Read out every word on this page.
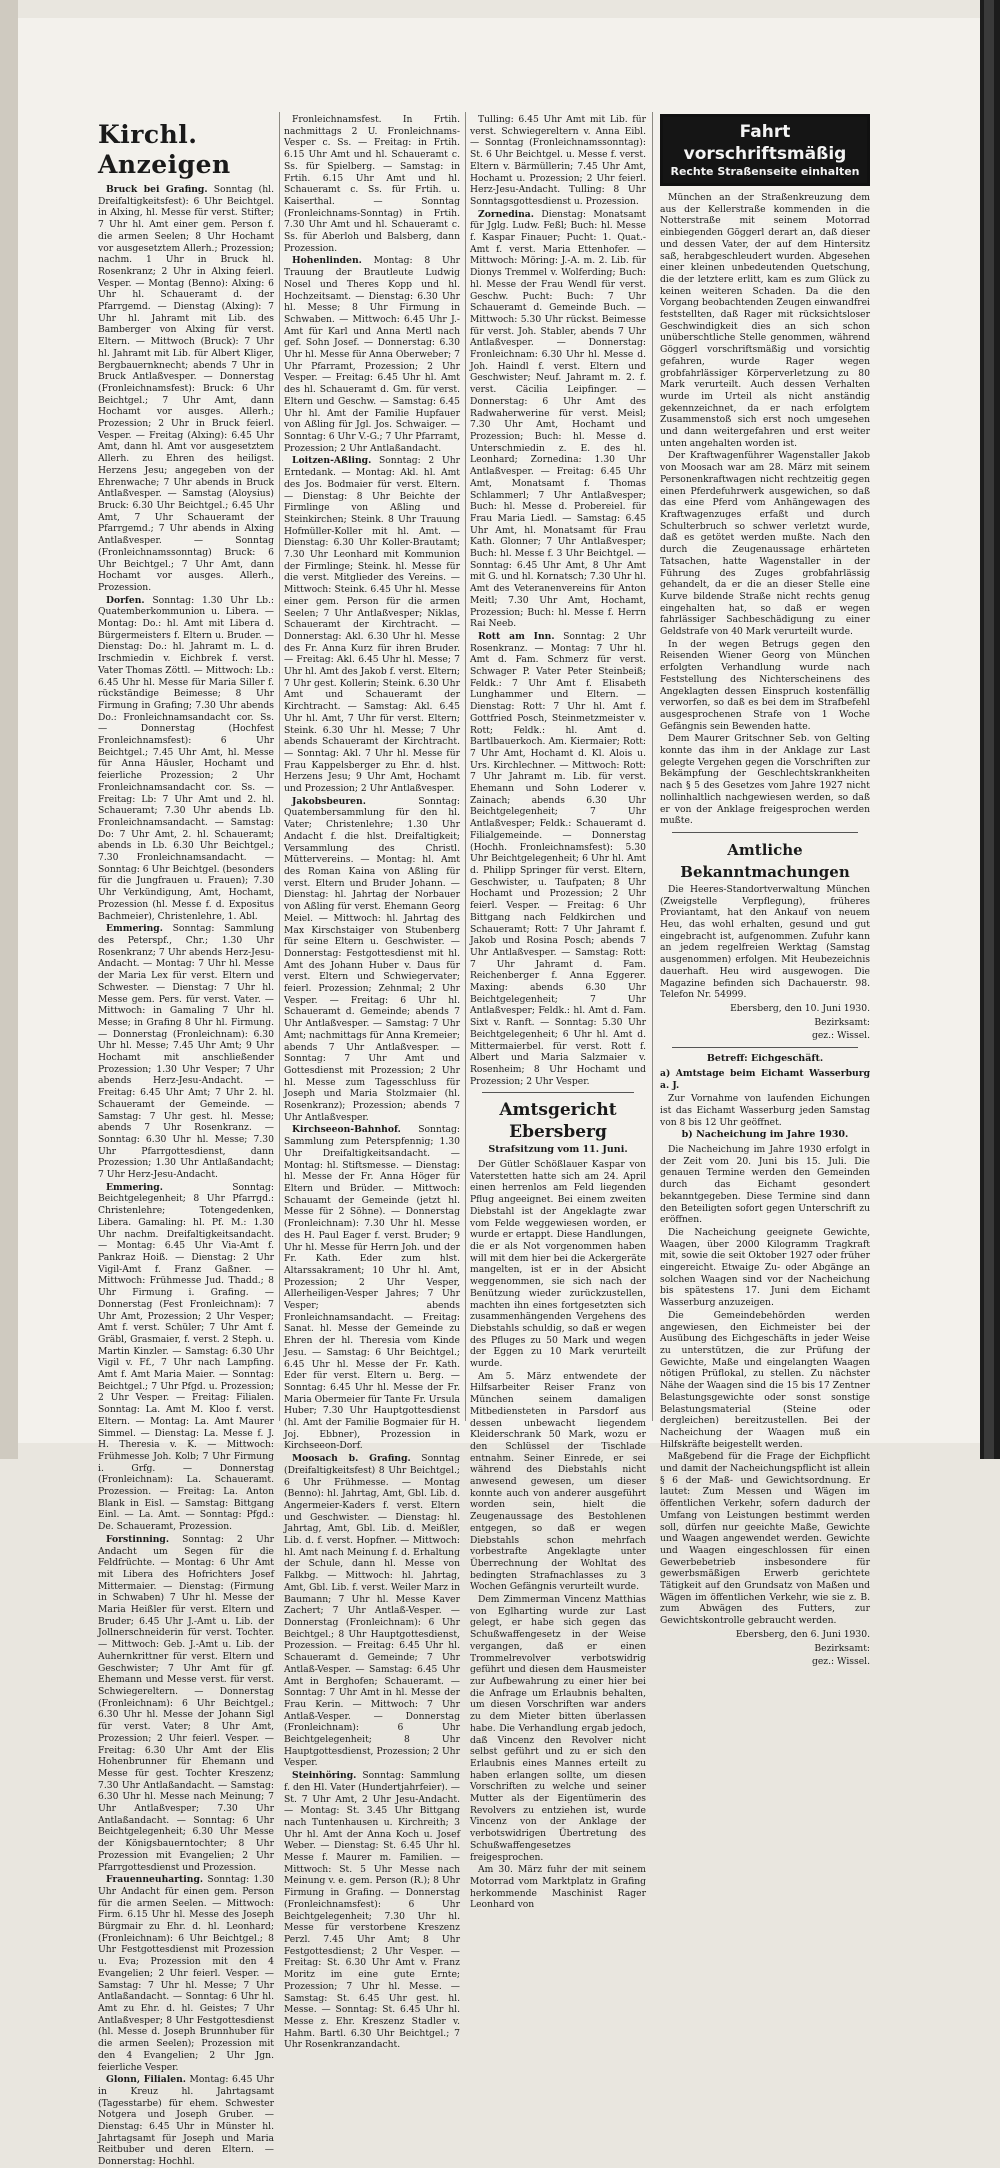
Kirchl. Anzeigen

Bruck bei Grafing. Sonntag (hl. Dreifaltigkeitsfest): 6 Uhr Beichtgel. in Alxing, hl. Messe für verst. Stifter; 7 Uhr hl. Amt einer gem. Person f. die armen Seelen; 8 Uhr Hochamt vor ausgesetztem Allerh.; Prozession; nachm. 1 Uhr in Bruck hl. Rosenkranz; 2 Uhr in Alxing feierl. Vesper. — Montag (Benno): Alxing: 6 Uhr hl. Schaueramt d. der Pfarrgemd. — Dienstag (Alxing): 7 Uhr hl. Jahramt mit Lib. des Bamberger von Alxing für verst. Eltern. — Mittwoch (Bruck): 7 Uhr hl. Jahramt mit Lib. für Albert Kliger, Bergbauernknecht; abends 7 Uhr in Bruck Antlaßvesper. — Donnerstag (Fronleichnamsfest): Bruck: 6 Uhr Beichtgel.; 7 Uhr Amt, dann Hochamt vor ausges. Allerh.; Prozession; 2 Uhr in Bruck feierl. Vesper. — Freitag (Alxing): 6.45 Uhr Amt, dann hl. Amt vor ausgesetztem Allerh. zu Ehren des heiligst. Herzens Jesu; angegeben von der Ehrenwache; 7 Uhr abends in Bruck Antlaßvesper. — Samstag (Aloysius) Bruck: 6.30 Uhr Beichtgel.; 6.45 Uhr Amt, 7 Uhr Schaueramt der Pfarrgemd.; 7 Uhr abends in Alxing Antlaßvesper. — Sonntag (Fronleichnamssonntag) Bruck: 6 Uhr Beichtgel.; 7 Uhr Amt, dann Hochamt vor ausges. Allerh., Prozession.

Dorfen. Sonntag: 1.30 Uhr Lb.: Quatemberkommunion u. Libera. — Montag: Do.: hl. Amt mit Libera d. Bürgermeisters f. Eltern u. Bruder. — Dienstag: Do.: hl. Jahramt m. L. d. Irschmiedin v. Eichbrek f. verst. Vater Thomas Zöttl. — Mittwoch: Lb.: 6.45 Uhr hl. Messe für Maria Siller f. rückständige Beimesse; 8 Uhr Firmung in Grafing; 7.30 Uhr abends Do.: Fronleichnamsandacht cor. Ss. — Donnerstag (Hochfest Fronleichnamsfest): 6 Uhr Beichtgel.; 7.45 Uhr Amt, hl. Messe für Anna Häusler, Hochamt und feierliche Prozession; 2 Uhr Fronleichnamsandacht cor. Ss. — Freitag: Lb: 7 Uhr Amt und 2. hl. Schaueramt; 7.30 Uhr abends Lb. Fronleichnamsandacht. — Samstag: Do: 7 Uhr Amt, 2. hl. Schaueramt; abends in Lb. 6.30 Uhr Beichtgel.; 7.30 Fronleichnamsandacht. — Sonntag: 6 Uhr Beichtgel. (besonders für die Jungfrauen u. Frauen); 7.30 Uhr Verkündigung, Amt, Hochamt, Prozession (hl. Messe f. d. Expositus Bachmeier), Christenlehre, 1. Abl.

Emmering. Sonntag: Sammlung des Peterspf., Chr.; 1.30 Uhr Rosenkranz; 7 Uhr abends Herz-Jesu-Andacht. — Montag: 7 Uhr hl. Messe der Maria Lex für verst. Eltern und Schwester. — Dienstag: 7 Uhr hl. Messe gem. Pers. für verst. Vater. — Mittwoch: in Gamaling 7 Uhr hl. Messe; in Grafing 8 Uhr hl. Firmung. — Donnerstag (Fronleichnam): 6.30 Uhr hl. Messe; 7.45 Uhr Amt; 9 Uhr Hochamt mit anschließender Prozession; 1.30 Uhr Vesper; 7 Uhr abends Herz-Jesu-Andacht. — Freitag: 6.45 Uhr Amt; 7 Uhr 2. hl. Schaueramt der Gemeinde. — Samstag: 7 Uhr gest. hl. Messe; abends 7 Uhr Rosenkranz. — Sonntag: 6.30 Uhr hl. Messe; 7.30 Uhr Pfarrgottesdienst, dann Prozession; 1.30 Uhr Antlaßandacht; 7 Uhr Herz-Jesu-Andacht.

Emmering.	Sonntag: Beichtgelegenheit; 8 Uhr Pfarrgd.: Christenlehre; Totengedenken, Libera. Gamaling: hl. Pf. M.: 1.30 Uhr nachm. Dreifaltigkeitsandacht. — Montag: 6.45 Uhr Via-Amt f. Pankraz Hoiß. — Dienstag: 2 Uhr Vigil-Amt f. Franz Gaßner. — Mittwoch: Frühmesse Jud. Thadd.; 8 Uhr Firmung i. Grafing. — Donnerstag (Fest Fronleichnam): 7 Uhr Amt, Prozession; 2 Uhr Vesper; Amt f. verst. Schüler; 7 Uhr Amt f. Gräbl, Grasmaier, f. verst. 2 Steph. u. Martin Kinzler. — Samstag: 6.30 Uhr Vigil v. Ff., 7 Uhr nach Lampfing. Amt f. Amt Maria Maier. — Sonntag: Beichtgel.; 7 Uhr Pfgd. u. Prozession; 2 Uhr Vesper. — Freitag: Filialen. Sonntag: La. Amt M. Kloo f. verst. Eltern. — Montag: La. Amt Maurer Simmel. — Dienstag: La. Messe f. J. H. Theresia v. K. — Mittwoch: Frühmesse Joh. Kolb; 7 Uhr Firmung i. Grfg. — Donnerstag (Fronleichnam): La. Schaueramt. Prozession. — Freitag: La. Anton Blank in Eisl. — Samstag: Bittgang Einl. — La. Amt. — Sonntag: Pfgd.: De. Schaueramt, Prozession.

Forstinning. Sonntag: 2 Uhr Andacht um Segen für die Feldfrüchte. — Montag: 6 Uhr Amt mit Libera des Hofrichters Josef Mittermaier. — Dienstag: (Firmung in Schwaben) 7 Uhr hl. Messe der Maria Heißler für verst. Eltern und Bruder; 6.45 Uhr J.-Amt u. Lib. der Jollnerschneiderin für verst. Tochter. — Mittwoch: Geb. J.-Amt u. Lib. der Auhernkrittner für verst. Eltern und Geschwister; 7 Uhr Amt für gf. Ehemann und Messe verst. für verst. Schwiegereltern. — Donnerstag (Fronleichnam): 6 Uhr Beichtgel.; 6.30 Uhr hl. Messe der Johann Sigl für verst. Vater; 8 Uhr Amt, Prozession; 2 Uhr feierl. Vesper. — Freitag: 6.30 Uhr Amt der Elis Hohenbrunner für Ehemann und Messe für gest. Tochter Kreszenz; 7.30 Uhr Antlaßandacht. — Samstag: 6.30 Uhr hl. Messe nach Meinung; 7 Uhr Antlaßvesper; 7.30 Uhr Antlaßandacht. — Sonntag: 6 Uhr Beichtgelegenheit; 6.30 Uhr Messe der Königsbauerntochter; 8 Uhr Prozession mit Evangelien; 2 Uhr Pfarrgottesdienst und Prozession.

Frauenneuharting. Sonntag: 1.30 Uhr Andacht für einen gem. Person für die armen Seelen. — Mittwoch: Firm. 6.15 Uhr hl. Messe des Joseph Bürgmair zu Ehr. d. hl. Leonhard; (Fronleichnam): 6 Uhr Beichtgel.; 8 Uhr Festgottesdienst mit Prozession u. Eva; Prozession mit den 4 Evangelien; 2 Uhr feierl. Vesper. — Samstag: 7 Uhr hl. Messe; 7 Uhr Antlaßandacht. — Sonntag: 6 Uhr hl. Amt zu Ehr. d. hl. Geistes; 7 Uhr Antlaßvesper; 8 Uhr Festgottesdienst (hl. Messe d. Joseph Brunnhuber für die armen Seelen); Prozession mit den 4 Evangelien; 2 Uhr Jgn. feierliche Vesper.

Glonn, Filialen. Montag: 6.45 Uhr in Kreuz hl. Jahrtagsamt (Tagesstarbe) für ehem. Schwester Notgera und Joseph Gruber. — Dienstag: 6.45 Uhr in Münster hl. Jahrtagsamt für Joseph und Maria Reitbuber und deren Eltern. — Donnerstag: Hochhl.

Fronleichnamsfest. In Frtih. nachmittags 2 U. Fronleichnams-Vesper c. Ss. — Freitag: in Frtih. 6.15 Uhr Amt und hl. Schaueramt c. Ss. für Spielberg. — Samstag: in Frtih. 6.15 Uhr Amt und hl. Schaueramt c. Ss. für Frtih. u. Kaiserthal. — Sonntag (Fronleichnams-Sonntag) in Frtih. 7.30 Uhr Amt und hl. Schaueramt c. Ss. für Aberloh und Balsberg, dann Prozession.

Hohenlinden. Montag: 8 Uhr Trauung der Brautleute Ludwig Nosel und Theres Kopp und hl. Hochzeitsamt. — Dienstag: 6.30 Uhr hl. Messe; 8 Uhr Firmung in Schwaben. — Mittwoch: 6.45 Uhr J.-Amt für Karl und Anna Mertl nach gef. Sohn Josef. — Donnerstag: 6.30 Uhr hl. Messe für Anna Oberweber; 7 Uhr Pfarramt, Prozession; 2 Uhr Vesper. — Freitag: 6.45 Uhr hl. Amt des hl. Schaueramt d. Gm. für verst. Eltern und Geschw. — Samstag: 6.45 Uhr hl. Amt der Familie Hupfauer von Aßling für Jgl. Jos. Schwaiger. — Sonntag: 6 Uhr V.-G.; 7 Uhr Pfarramt, Prozession; 2 Uhr Antlaßandacht.

Loitzen-Aßling. Sonntag: 2 Uhr Erntedank. — Montag: Akl. hl. Amt des Jos. Bodmaier für verst. Eltern. — Dienstag: 8 Uhr Beichte der Firmlinge von Aßling und Steinkirchen; Steink. 8 Uhr Trauung Hofmüller-Koller mit hl. Amt. — Dienstag: 6.30 Uhr Koller-Brautamt; 7.30 Uhr Leonhard mit Kommunion der Firmlinge; Steink. hl. Messe für die verst. Mitglieder des Vereins. — Mittwoch: Steink. 6.45 Uhr hl. Messe einer gem. Person für die armen Seelen; 7 Uhr Antlaßvesper; Niklas, Schaueramt der Kirchtracht. — Donnerstag: Akl. 6.30 Uhr hl. Messe des Fr. Anna Kurz für ihren Bruder. — Freitag: Akl. 6.45 Uhr hl. Messe; 7 Uhr hl. Amt des Jakob f. verst. Eltern; 7 Uhr gest. Kollerin; Steink. 6.30 Uhr Amt und Schaueramt der Kirchtracht. — Samstag: Akl. 6.45 Uhr hl. Amt, 7 Uhr für verst. Eltern; Steink. 6.30 Uhr hl. Messe; 7 Uhr abends Schaueramt der Kirchtracht. — Sonntag: Akl. 7 Uhr hl. Messe für Frau Kappelsberger zu Ehr. d. hlst. Herzens Jesu; 9 Uhr Amt, Hochamt und Prozession; 2 Uhr Antlaßvesper.

Jakobsbeuren.	Sonntag: Quatembersammlung für den hl. Vater; Christenlehre; 1.30 Uhr Andacht f. die hlst. Dreifaltigkeit; Versammlung des Christl. Müttervereins. — Montag: hl. Amt des Roman Kaina von Aßling für verst. Eltern und Bruder Johann. — Dienstag: hl. Jahrtag der Norbauer von Aßling für verst. Ehemann Georg Meiel. — Mittwoch: hl. Jahrtag des Max Kirschstaiger von Stubenberg für seine Eltern u. Geschwister. — Donnerstag: Festgottesdienst mit hl. Amt des Johann Huber v. Daus für verst. Eltern und Schwiegervater; feierl. Prozession; Zehnmal; 2 Uhr Vesper. — Freitag: 6 Uhr hl. Schaueramt d. Gemeinde; abends 7 Uhr Antlaßvesper. — Samstag: 7 Uhr Amt; nachmittags für Anna Kremeier; abends 7 Uhr Antlaßvesper. — Sonntag: 7 Uhr Amt und Gottesdienst mit Prozession; 2 Uhr hl. Messe zum Tagesschluss für Joseph und Maria Stolzmaier (hl. Rosenkranz); Prozession; abends 7 Uhr Antlaßvesper.

Kirchseeon-Bahnhof. Sonntag: Sammlung zum Peterspfennig; 1.30 Uhr Dreifaltigkeitsandacht. — Montag: hl. Stiftsmesse. — Dienstag: hl. Messe der Fr. Anna Höger für Eltern und Brüder. — Mittwoch: Schauamt der Gemeinde (jetzt hl. Messe für 2 Söhne). — Donnerstag (Fronleichnam): 7.30 Uhr hl. Messe des H. Paul Eager f. verst. Bruder; 9 Uhr hl. Messe für Herrn Joh. und der Fr. Kath. Eder zum hlst. Altarssakrament; 10 Uhr hl. Amt, Prozession; 2 Uhr Vesper, Allerheiligen-Vesper Jahres; 7 Uhr Vesper; abends Fronleichnamsandacht. — Freitag: Sanat. hl. Messe der Gemeinde zu Ehren der hl. Theresia vom Kinde Jesu. — Samstag: 6 Uhr Beichtgel.; 6.45 Uhr hl. Messe der Fr. Kath. Eder für verst. Eltern u. Berg. — Sonntag: 6.45 Uhr hl. Messe der Fr. Maria Obermeier für Tante Fr. Ursula Huber; 7.30 Uhr Hauptgottesdienst (hl. Amt der Familie Bogmaier für H. Joj. Ebbner), Prozession in Kirchseeon-Dorf.

Moosach b. Grafing. Sonntag (Dreifaltigkeitsfest) 8 Uhr Beichtgel.; 6 Uhr Frühmesse. — Montag (Benno): hl. Jahrtag, Amt, Gbl. Lib. d. Angermeier-Kaders f. verst. Eltern und Geschwister. — Dienstag: hl. Jahrtag, Amt, Gbl. Lib. d. Meißler, Lib. d. f. verst. Hopfner. — Mittwoch: hl. Amt nach Meinung f. d. Erhaltung der Schule, dann hl. Messe von Falkbg. — Mittwoch: hl. Jahrtag, Amt, Gbl. Lib. f. verst. Weiler Marz in Baumann; 7 Uhr hl. Messe Kaver Zachert; 7 Uhr Antlaß-Vesper. — Donnerstag (Fronleichnam): 6 Uhr Beichtgel.; 8 Uhr Hauptgottesdienst, Prozession. — Freitag: 6.45 Uhr hl. Schaueramt d. Gemeinde; 7 Uhr Antlaß-Vesper. — Samstag: 6.45 Uhr Amt in Berghofen; Schaueramt. — Sonntag: 7 Uhr Amt in hl. Messe der Frau Kerin. — Mittwoch: 7 Uhr Antlaß-Vesper. — Donnerstag (Fronleichnam): 6 Uhr Beichtgelegenheit; 8 Uhr Hauptgottesdienst, Prozession; 2 Uhr Vesper.

Steinhöring. Sonntag: Sammlung f. den Hl. Vater (Hundertjahrfeier). — St. 7 Uhr Amt, 2 Uhr Jesu-Andacht. — Montag: St. 3.45 Uhr Bittgang nach Tuntenhausen u. Kirchreith; 3 Uhr hl. Amt der Anna Koch u. Josef Weber. — Dienstag: St. 6.45 Uhr hl. Messe f. Maurer m. Familien. — Mittwoch: St. 5 Uhr Messe nach Meinung v. e. gem. Person (R.); 8 Uhr Firmung in Grafing. — Donnerstag (Fronleichnamsfest): 6 Uhr Beichtgelegenheit; 7.30 Uhr hl. Messe für verstorbene Kreszenz Perzl. 7.45 Uhr Amt; 8 Uhr Festgottesdienst; 2 Uhr Vesper. — Freitag: St. 6.30 Uhr Amt v. Franz Moritz im eine gute Ernte; Prozession; 7 Uhr hl. Messe. — Samstag: St. 6.45 Uhr gest. hl. Messe. — Sonntag: St. 6.45 Uhr hl. Messe z. Ehr. Kreszenz Stadler v. Hahm. Bartl. 6.30 Uhr Beichtgel.; 7 Uhr Rosenkranzandacht.

Tulling: 6.45 Uhr Amt mit Lib. für verst. Schwiegereltern v. Anna Eibl. — Sonntag (Fronleichnamssonntag): St. 6 Uhr Beichtgel. u. Messe f. verst. Eltern v. Bärmüllerin; 7.45 Uhr Amt, Hochamt u. Prozession; 2 Uhr feierl. Herz-Jesu-Andacht. Tulling: 8 Uhr Sonntagsgottesdienst u. Prozession.

Zornedina. Dienstag: Monatsamt für Jglg. Ludw. Feßl; Buch: hl. Messe f. Kaspar Finauer; Pucht: 1. Quat.-Amt f. verst. Maria Ettenhofer. — Mittwoch: Möring: J.-A. m. 2. Lib. für Dionys Tremmel v. Wolferding; Buch: hl. Messe der Frau Wendl für verst. Geschw. Pucht: Buch: 7 Uhr Schaueramt d. Gemeinde Buch. — Mittwoch: 5.30 Uhr rückst. Beimesse für verst. Joh. Stabler, abends 7 Uhr Antlaßvesper. — Donnerstag: Fronleichnam: 6.30 Uhr hl. Messe d. Joh. Haindl f. verst. Eltern und Geschwister; Neuf. Jahramt m. 2. f. verst. Cäcilia Leipfinger. — Donnerstag: 6 Uhr Amt des Radwaherwerine für verst. Meisl; 7.30 Uhr Amt, Hochamt und Prozession; Buch: hl. Messe d. Unterschmiedin z. E. des hl. Leonhard; Zornedina: 1.30 Uhr Antlaßvesper. — Freitag: 6.45 Uhr Amt, Monatsamt f. Thomas Schlammerl; 7 Uhr Antlaßvesper; Buch: hl. Messe d. Probereiel. für Frau Maria Liedl. — Samstag: 6.45 Uhr Amt, hl. Monatsamt für Frau Kath. Glonner; 7 Uhr Antlaßvesper; Buch: hl. Messe f. 3 Uhr Beichtgel. — Sonntag: 6.45 Uhr Amt, 8 Uhr Amt mit G. und hl. Kornatsch; 7.30 Uhr hl. Amt des Veteranenvereins für Anton Meitl; 7.30 Uhr Amt, Hochamt, Prozession; Buch: hl. Messe f. Herrn Rai Neeb.

Rott am Inn. Sonntag: 2 Uhr Rosenkranz. — Montag: 7 Uhr hl. Amt d. Fam. Schmerz für verst. Schwager P. Vater Peter Steinbeiß; Feldk.: 7 Uhr Amt f. Elisabeth Lunghammer und Eltern. — Dienstag: Rott: 7 Uhr hl. Amt f. Gottfried Posch, Steinmetzmeister v. Rott; Feldk.: hl. Amt d. Bartlbauerkoch. Am. Kiermaier; Rott: 7 Uhr Amt, Hochamt d. Kl. Alois u. Urs. Kirchlechner. — Mittwoch: Rott: 7 Uhr Jahramt m. Lib. für verst. Ehemann und Sohn Loderer v. Zainach; abends 6.30 Uhr Beichtgelegenheit; 7 Uhr Antlaßvesper; Feldk.: Schaueramt d. Filialgemeinde. — Donnerstag (Hochh. Fronleichnamsfest): 5.30 Uhr Beichtgelegenheit; 6 Uhr hl. Amt d. Philipp Springer für verst. Eltern, Geschwister, u. Taufpaten; 8 Uhr Hochamt und Prozession; 2 Uhr feierl. Vesper. — Freitag: 6 Uhr Bittgang nach Feldkirchen und Schaueramt; Rott: 7 Uhr Jahramt f. Jakob und Rosina Posch; abends 7 Uhr Antlaßvesper. — Samstag: Rott: 7 Uhr Jahramt d. Fam. Reichenberger f. Anna Eggerer. Maxing: abends 6.30 Uhr Beichtgelegenheit; 7 Uhr Antlaßvesper; Feldk.: hl. Amt d. Fam. Sixt v. Ranft. — Sonntag: 5.30 Uhr Beichtgelegenheit; 6 Uhr hl. Amt d. Mittermaierbel. für verst. Rott f. Albert und Maria Salzmaier v. Rosenheim; 8 Uhr Hochamt und Prozession; 2 Uhr Vesper.

Amtsgericht Ebersberg
Strafsitzung vom 11. Juni.

Der Gütler Schößlauer Kaspar von Vaterstetten hatte sich am 24. April einen herrenlos am Feld liegenden Pflug angeeignet. Bei einem zweiten Diebstahl ist der Angeklagte zwar vom Felde weggewiesen worden, er wurde er ertappt. Diese Handlungen, die er als Not vorgenommen haben will mit dem hier bei die Ackergeräte mangelten, ist er in der Absicht weggenommen, sie sich nach der Benützung wieder zurückzustellen, machten ihn eines fortgesetzten sich zusammenhängenden Vergehens des Diebstahls schuldig, so daß er wegen des Pfluges zu 50 Mark und wegen der Eggen zu 10 Mark verurteilt wurde.

Am 5. März entwendete der Hilfsarbeiter Reiser Franz von München seinem damaligen Mitbediensteten in Parsdorf aus dessen unbewacht liegendem Kleiderschrank 50 Mark, wozu er den Schlüssel der Tischlade entnahm. Seiner Einrede, er sei während des Diebstahls nicht anwesend gewesen, um dieser konnte auch von anderer ausgeführt worden sein, hielt die Zeugenaussage des Bestohlenen entgegen, so daß er wegen Diebstahls schon mehrfach vorbestrafte Angeklagte unter Überrechnung der Wohltat des bedingten Strafnachlasses zu 3 Wochen Gefängnis verurteilt wurde.

Dem Zimmerman Vincenz Matthias von Eglharting wurde zur Last gelegt, er habe sich gegen das Schußwaffengesetz in der Weise vergangen, daß er einen Trommelrevolver verbotswidrig geführt und diesen dem Hausmeister zur Aufbewahrung zu einer hier bei die Anfrage um Erlaubnis behalten, um diesen Vorschriften war anders zu dem Mieter bitten überlassen habe. Die Verhandlung ergab jedoch, daß Vincenz den Revolver nicht selbst geführt und zu er sich den Erlaubnis eines Mannes erteilt zu haben erlangen sollte, um diesen Vorschriften zu welche und seiner Mutter als der Eigentümerin des Revolvers zu entziehen ist, wurde Vincenz von der Anklage der verbotswidrigen Übertretung des Schußwaffengesetzes freigesprochen.

Am 30. März fuhr der mit seinem Motorrad vom Marktplatz in Grafing herkommende Maschinist Rager Leonhard von

Fahrt vorschriftsmäßig
Rechte Straßenseite einhalten

München an der Straßenkreuzung dem aus der Kellerstraße kommenden in die Notterstraße mit seinem Motorrad einbiegenden Göggerl derart an, daß dieser und dessen Vater, der auf dem Hintersitz saß, herabgeschleudert wurden. Abgesehen einer kleinen unbedeutenden Quetschung, die der letztere erlitt, kam es zum Glück zu keinen weiteren Schaden. Da die den Vorgang beobachtenden Zeugen einwandfrei feststellten, daß Rager mit rücksichtsloser Geschwindigkeit dies an sich schon unüberschtliche Stelle genommen, während Göggerl vorschriftsmäßig und vorsichtig gefahren, wurde Rager wegen grobfahrlässiger Körperverletzung zu 80 Mark verurteilt. Auch dessen Verhalten wurde im Urteil als nicht anständig gekennzeichnet, da er nach erfolgtem Zusammenstoß sich erst noch umgesehen und dann weitergefahren und erst weiter unten angehalten worden ist.

Der Kraftwagenführer Wagenstaller Jakob von Moosach war am 28. März mit seinem Personenkraftwagen nicht rechtzeitig gegen einen Pferdefuhrwerk ausgewichen, so daß das eine Pferd vom Anhängewagen des Kraftwagenzuges erfaßt und durch Schulterbruch so schwer verletzt wurde, daß es getötet werden mußte. Nach den durch die Zeugenaussage erhärteten Tatsachen, hatte Wagenstaller in der Führung des Zuges grobfahrlässig gehandelt, da er die an dieser Stelle eine Kurve bildende Straße nicht rechts genug eingehalten hat, so daß er wegen fahrlässiger Sachbeschädigung zu einer Geldstrafe von 40 Mark verurteilt wurde.

In der wegen Betrugs gegen den Reisenden Wiener Georg von München erfolgten Verhandlung wurde nach Feststellung des Nichterscheinens des Angeklagten dessen Einspruch kostenfällig verworfen, so daß es bei dem im Strafbefehl ausgesprochenen Strafe von 1 Woche Gefängnis sein Bewenden hatte.

Dem Maurer Gritschner Seb. von Gelting konnte das ihm in der Anklage zur Last gelegte Vergehen gegen die Vorschriften zur Bekämpfung der Geschlechtskrankheiten nach § 5 des Gesetzes vom Jahre 1927 nicht nollinhaltlich nachgewiesen werden, so daß er von der Anklage freigesprochen werden mußte.

Amtliche Bekanntmachungen

Die Heeres-Standortverwaltung München (Zweigstelle Verpflegung), früheres Proviantamt, hat den Ankauf von neuem Heu, das wohl erhalten, gesund und gut eingebracht ist, aufgenommen. Zufuhr kann an jedem regelfreien Werktag (Samstag ausgenommen) erfolgen. Mit Heubezeichnis dauerhaft. Heu wird ausgewogen. Die Magazine befinden sich Dachauerstr. 98. Telefon Nr. 54999.

Ebersberg, den 10. Juni 1930.
Bezirksamt:
gez.: Wissel.
Betreff: Eichgeschäft.
a) Amtstage beim Eichamt Wasserburg a. J.

Zur Vornahme von laufenden Eichungen ist das Eichamt Wasserburg jeden Samstag von 8 bis 12 Uhr geöffnet.

b) Nacheichung im Jahre 1930.

Die Nacheichung im Jahre 1930 erfolgt in der Zeit vom 20. Juni bis 15. Juli. Die genauen Termine werden den Gemeinden durch das Eichamt gesondert bekanntgegeben. Diese Termine sind dann den Beteiligten sofort gegen Unterschrift zu eröffnen.

Die Nacheichung geeignete Gewichte, Waagen, über 2000 Kilogramm Tragkraft mit, sowie die seit Oktober 1927 oder früher eingereicht. Etwaige Zu- oder Abgänge an solchen Waagen sind vor der Nacheichung bis spätestens 17. Juni dem Eichamt Wasserburg anzuzeigen.

Die Gemeindebehörden werden angewiesen, den Eichmeister bei der Ausübung des Eichgeschäfts in jeder Weise zu unterstützen, die zur Prüfung der Gewichte, Maße und eingelangten Waagen nötigen Prüflokal, zu stellen. Zu nächster Nähe der Waagen sind die 15 bis 17 Zentner Belastungsgewichte oder sonst sonstige Belastungsmaterial (Steine oder dergleichen) bereitzustellen. Bei der Nacheichung der Waagen muß ein Hilfskräfte beigestellt werden.

Maßgebend für die Frage der Eichpflicht und damit der Nacheichungspflicht ist allein § 6 der Maß- und Gewichtsordnung. Er lautet: Zum Messen und Wägen im öffentlichen Verkehr, sofern dadurch der Umfang von Leistungen bestimmt werden soll, dürfen nur geeichte Maße, Gewichte und Waagen angewendet werden. Gewichte und Waagen eingeschlossen für einen Gewerbebetrieb insbesondere für gewerbsmäßigen Erwerb gerichtete Tätigkeit auf den Grundsatz von Maßen und Wägen im öffentlichen Verkehr, wie sie z. B. zum Abwägen des Futters, zur Gewichtskontrolle gebraucht werden.

Ebersberg, den 6. Juni 1930.
Bezirksamt:
gez.: Wissel.
